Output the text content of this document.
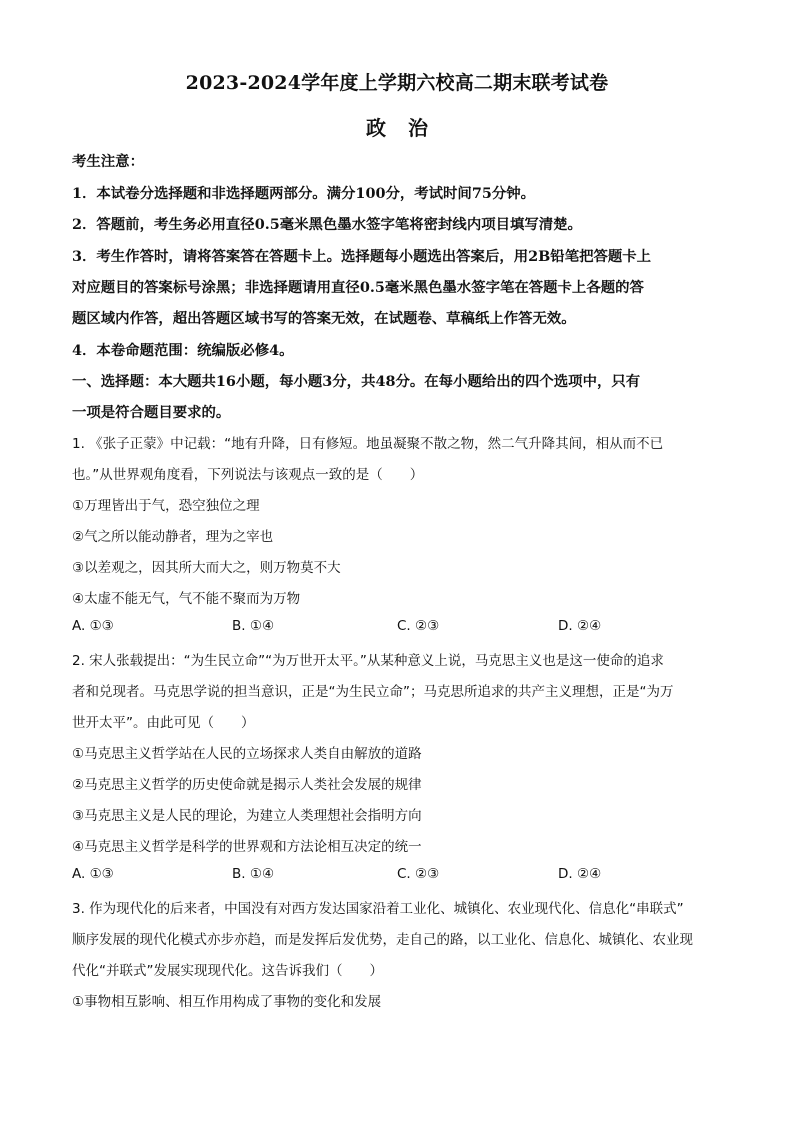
2023-2024学年度上学期六校高二期末联考试卷
政治
考生注意：
1．本试卷分选择题和非选择题两部分。满分100分，考试时间75分钟。
2．答题前，考生务必用直径0.5毫米黑色墨水签字笔将密封线内项目填写清楚。
3．考生作答时，请将答案答在答题卡上。选择题每小题选出答案后，用2B铅笔把答题卡上
对应题目的答案标号涂黑；非选择题请用直径0.5毫米黑色墨水签字笔在答题卡上各题的答
题区域内作答，超出答题区域书写的答案无效，在试题卷、草稿纸上作答无效。
4．本卷命题范围：统编版必修4。
一、选择题：本大题共16小题，每小题3分，共48分。在每小题给出的四个选项中，只有
一项是符合题目要求的。
1. 《张子正蒙》中记载：“地有升降，日有修短。地虽凝聚不散之物，然二气升降其间，相从而不已
也。”从世界观角度看，下列说法与该观点一致的是（　　）
①万理皆出于气，恐空独位之理
②气之所以能动静者，理为之宰也
③以差观之，因其所大而大之，则万物莫不大
④太虚不能无气，气不能不聚而为万物
A. ①③	B. ①④	C. ②③	D. ②④
2. 宋人张载提出：“为生民立命”“为万世开太平。”从某种意义上说，马克思主义也是这一使命的追求
者和兑现者。马克思学说的担当意识，正是“为生民立命”；马克思所追求的共产主义理想，正是“为万
世开太平”。由此可见（　　）
①马克思主义哲学站在人民的立场探求人类自由解放的道路
②马克思主义哲学的历史使命就是揭示人类社会发展的规律
③马克思主义是人民的理论，为建立人类理想社会指明方向
④马克思主义哲学是科学的世界观和方法论相互决定的统一
A. ①③	B. ①④	C. ②③	D. ②④
3. 作为现代化的后来者，中国没有对西方发达国家沿着工业化、城镇化、农业现代化、信息化“串联式”
顺序发展的现代化模式亦步亦趋，而是发挥后发优势，走自己的路，以工业化、信息化、城镇化、农业现
代化“并联式”发展实现现代化。这告诉我们（　　）
①事物相互影响、相互作用构成了事物的变化和发展
